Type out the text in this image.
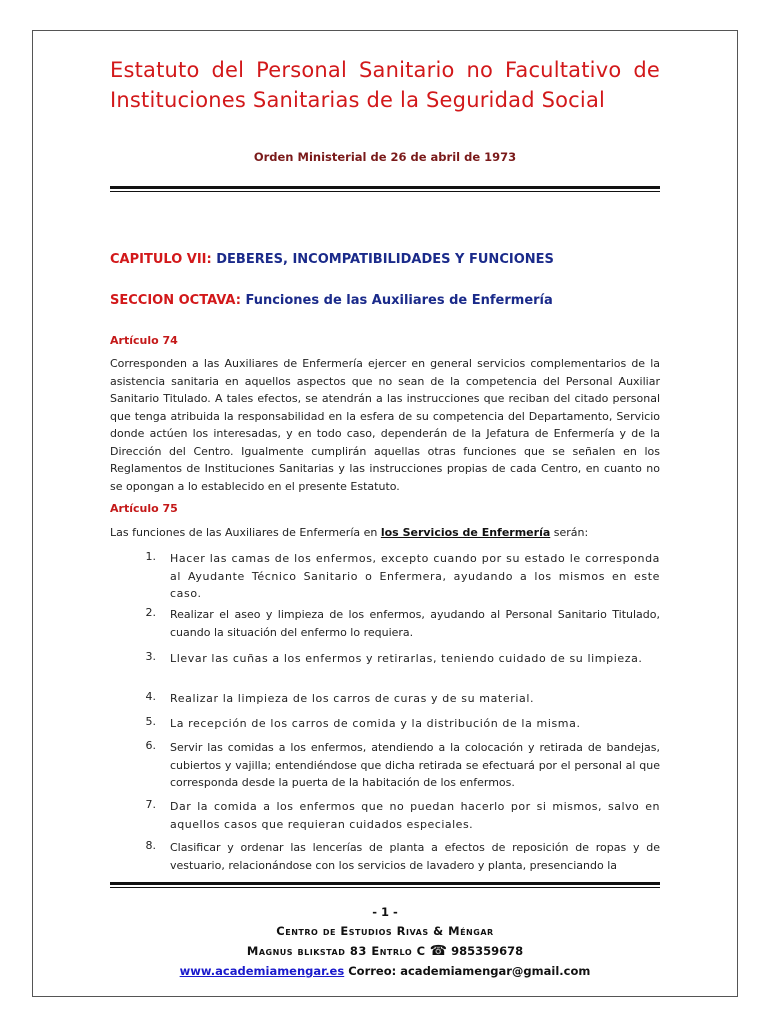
Estatuto del Personal Sanitario no Facultativo de Instituciones Sanitarias de la Seguridad Social
Orden Ministerial de 26 de abril de 1973
CAPITULO VII: DEBERES, INCOMPATIBILIDADES Y FUNCIONES
SECCION OCTAVA: Funciones de las Auxiliares de Enfermería
Artículo 74
Corresponden a las Auxiliares de Enfermería ejercer en general servicios complementarios de la asistencia sanitaria en aquellos aspectos que no sean de la competencia del Personal Auxiliar Sanitario Titulado. A tales efectos, se atendrán a las instrucciones que reciban del citado personal que tenga atribuida la responsabilidad en la esfera de su competencia del Departamento, Servicio donde actúen los interesadas, y en todo caso, dependerán de la Jefatura de Enfermería y de la Dirección del Centro. Igualmente cumplirán aquellas otras funciones que se señalen en los Reglamentos de Instituciones Sanitarias y las instrucciones propias de cada Centro, en cuanto no se opongan a lo establecido en el presente Estatuto.
Artículo 75
Las funciones de las Auxiliares de Enfermería en los Servicios de Enfermería serán:
1.	Hacer las camas de los enfermos, excepto cuando por su estado le corresponda al Ayudante Técnico Sanitario o Enfermera, ayudando a los mismos en este caso.
2.	Realizar el aseo y limpieza de los enfermos, ayudando al Personal Sanitario Titulado, cuando la situación del enfermo lo requiera.
3.	Llevar las cuñas a los enfermos y retirarlas, teniendo cuidado de su limpieza.
4.	Realizar la limpieza de los carros de curas y de su material.
5.	La recepción de los carros de comida y la distribución de la misma.
6.	Servir las comidas a los enfermos, atendiendo a la colocación y retirada de bandejas, cubiertos y vajilla; entendiéndose que dicha retirada se efectuará por el personal al que corresponda desde la puerta de la habitación de los enfermos.
7.	Dar la comida a los enfermos que no puedan hacerlo por si mismos, salvo en aquellos casos que requieran cuidados especiales.
8.	Clasificar y ordenar las lencerías de planta a efectos de reposición de ropas y de vestuario, relacionándose con los servicios de lavadero y planta, presenciando la
- 1 -
Centro de Estudios Rivas & Méngar
Magnus blikstad 83 Entrlo C ☎ 985359678
www.academiamengar.es Correo: academiamengar@gmail.com
